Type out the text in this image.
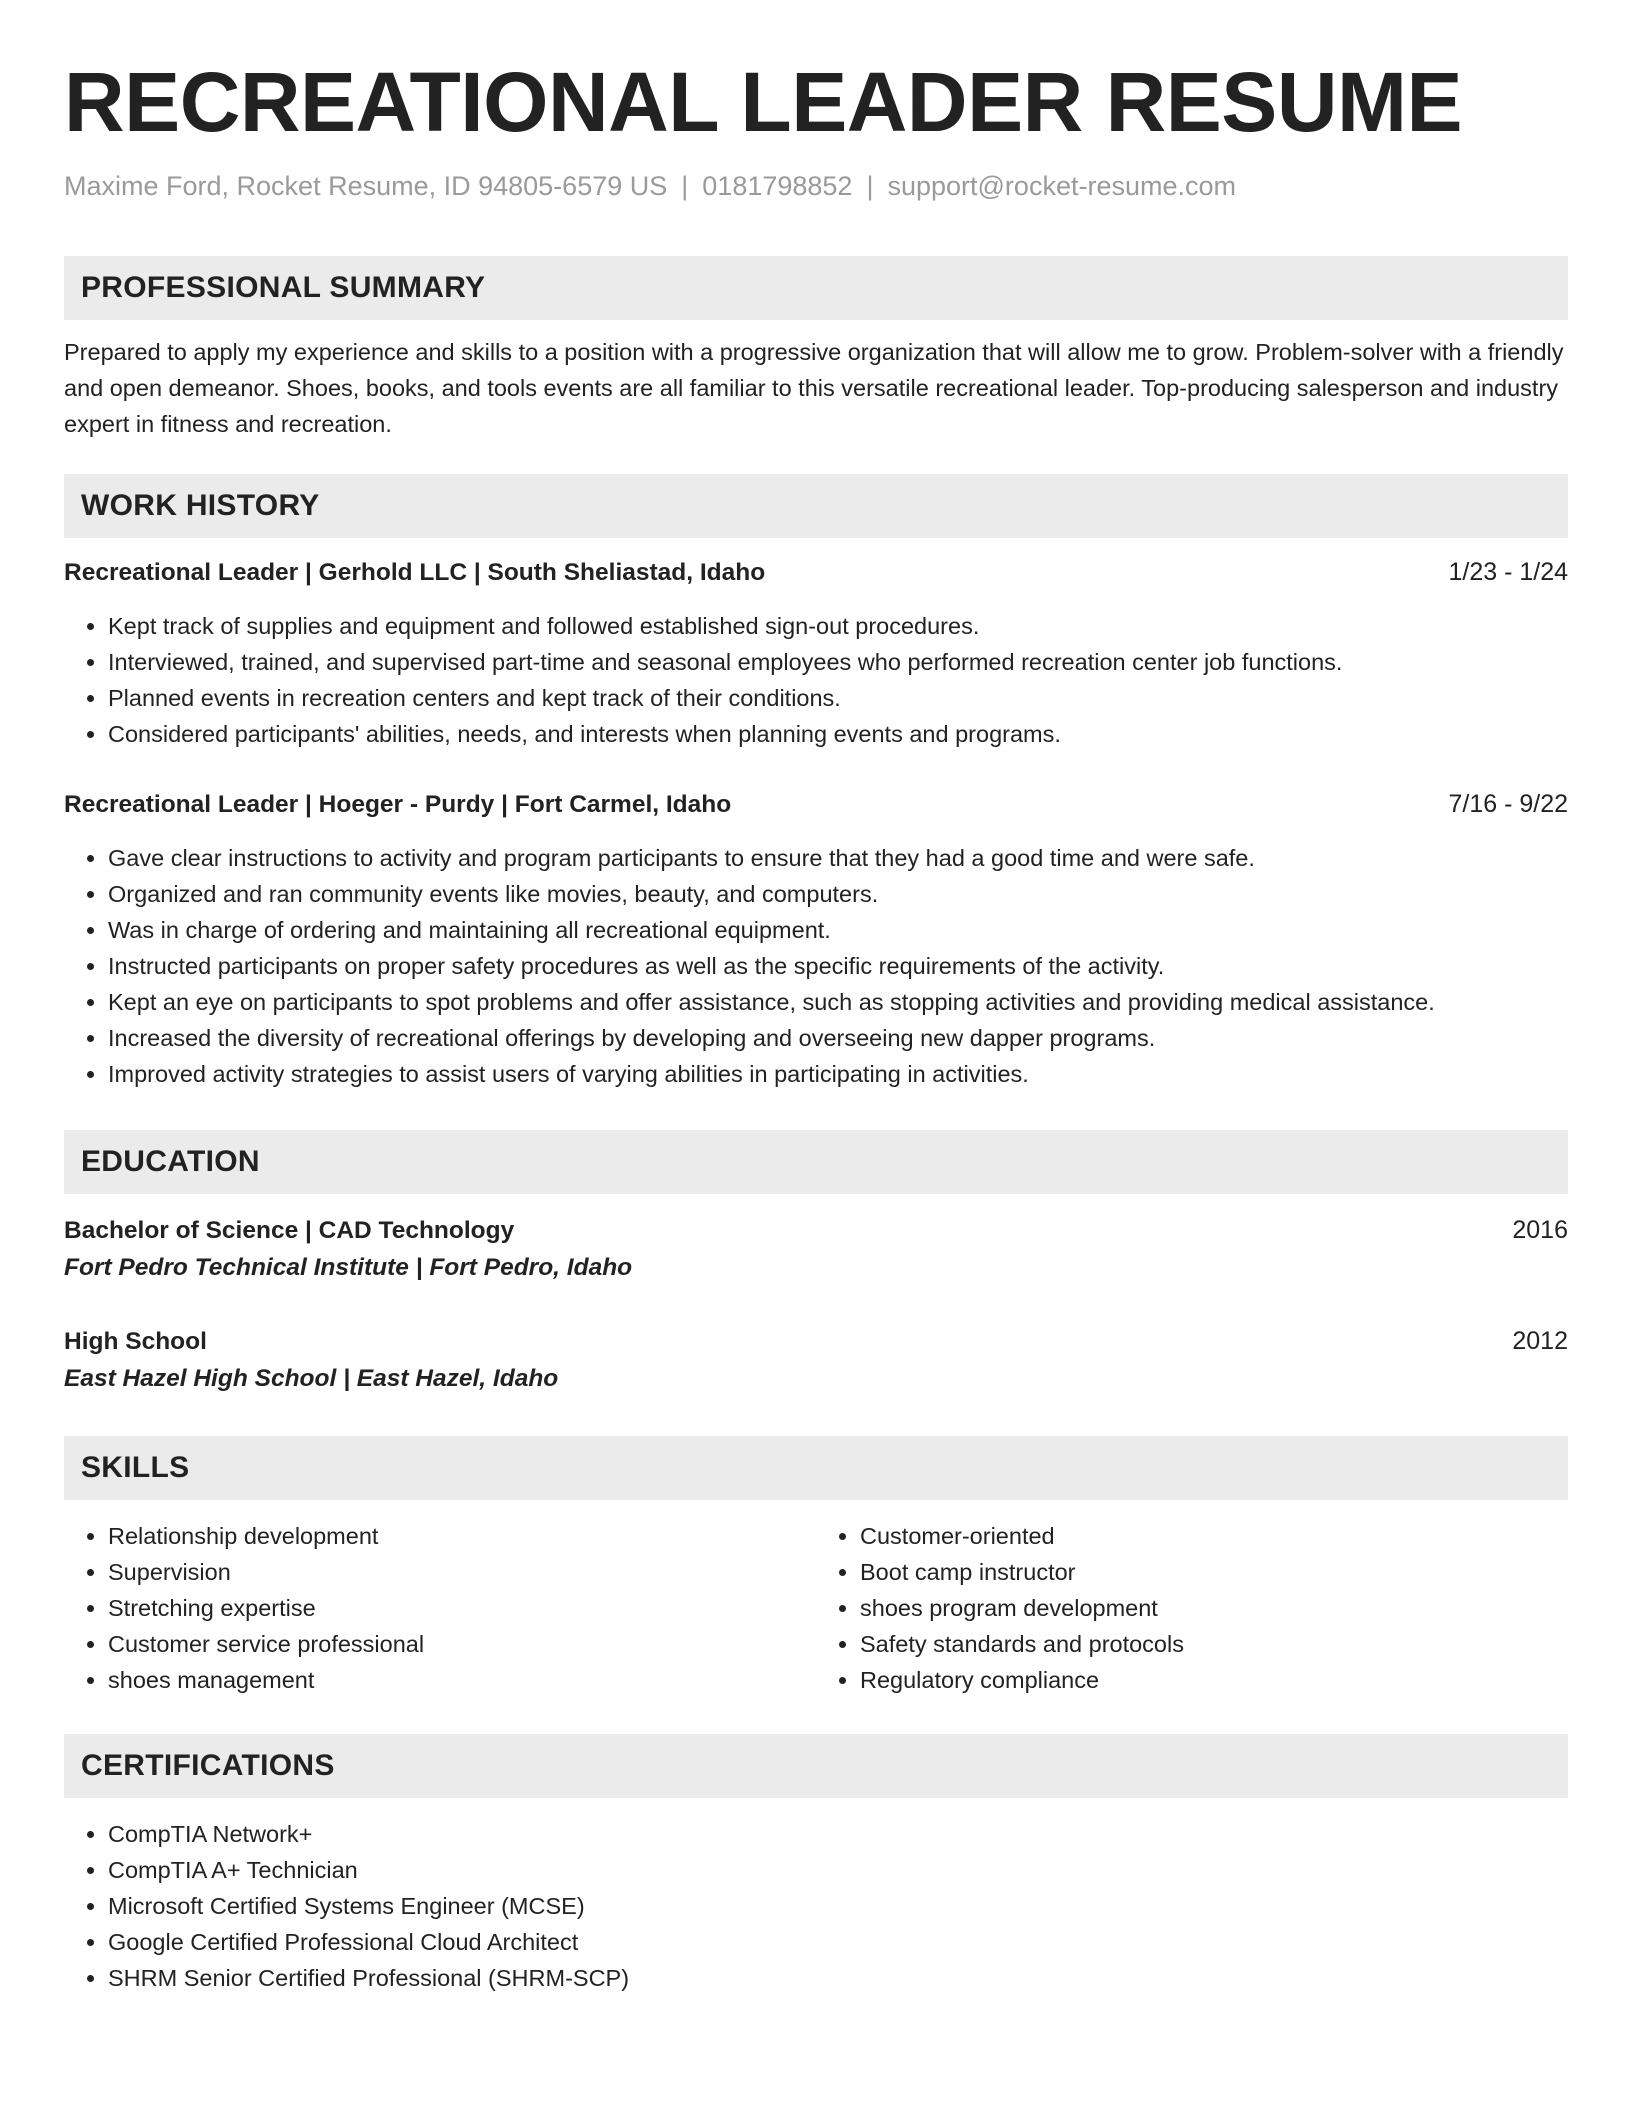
RECREATIONAL LEADER RESUME
Maxime Ford, Rocket Resume, ID 94805-6579 US | 0181798852 | support@rocket-resume.com
PROFESSIONAL SUMMARY
Prepared to apply my experience and skills to a position with a progressive organization that will allow me to grow. Problem-solver with a friendly and open demeanor. Shoes, books, and tools events are all familiar to this versatile recreational leader. Top-producing salesperson and industry expert in fitness and recreation.
WORK HISTORY
Recreational Leader | Gerhold LLC | South Sheliastad, Idaho	1/23 - 1/24
• Kept track of supplies and equipment and followed established sign-out procedures.
• Interviewed, trained, and supervised part-time and seasonal employees who performed recreation center job functions.
• Planned events in recreation centers and kept track of their conditions.
• Considered participants' abilities, needs, and interests when planning events and programs.
Recreational Leader | Hoeger - Purdy | Fort Carmel, Idaho	7/16 - 9/22
• Gave clear instructions to activity and program participants to ensure that they had a good time and were safe.
• Organized and ran community events like movies, beauty, and computers.
• Was in charge of ordering and maintaining all recreational equipment.
• Instructed participants on proper safety procedures as well as the specific requirements of the activity.
• Kept an eye on participants to spot problems and offer assistance, such as stopping activities and providing medical assistance.
• Increased the diversity of recreational offerings by developing and overseeing new dapper programs.
• Improved activity strategies to assist users of varying abilities in participating in activities.
EDUCATION
Bachelor of Science | CAD Technology	2016
Fort Pedro Technical Institute | Fort Pedro, Idaho
High School	2012
East Hazel High School | East Hazel, Idaho
SKILLS
• Relationship development
• Supervision
• Stretching expertise
• Customer service professional
• shoes management
• Customer-oriented
• Boot camp instructor
• shoes program development
• Safety standards and protocols
• Regulatory compliance
CERTIFICATIONS
• CompTIA Network+
• CompTIA A+ Technician
• Microsoft Certified Systems Engineer (MCSE)
• Google Certified Professional Cloud Architect
• SHRM Senior Certified Professional (SHRM-SCP)
